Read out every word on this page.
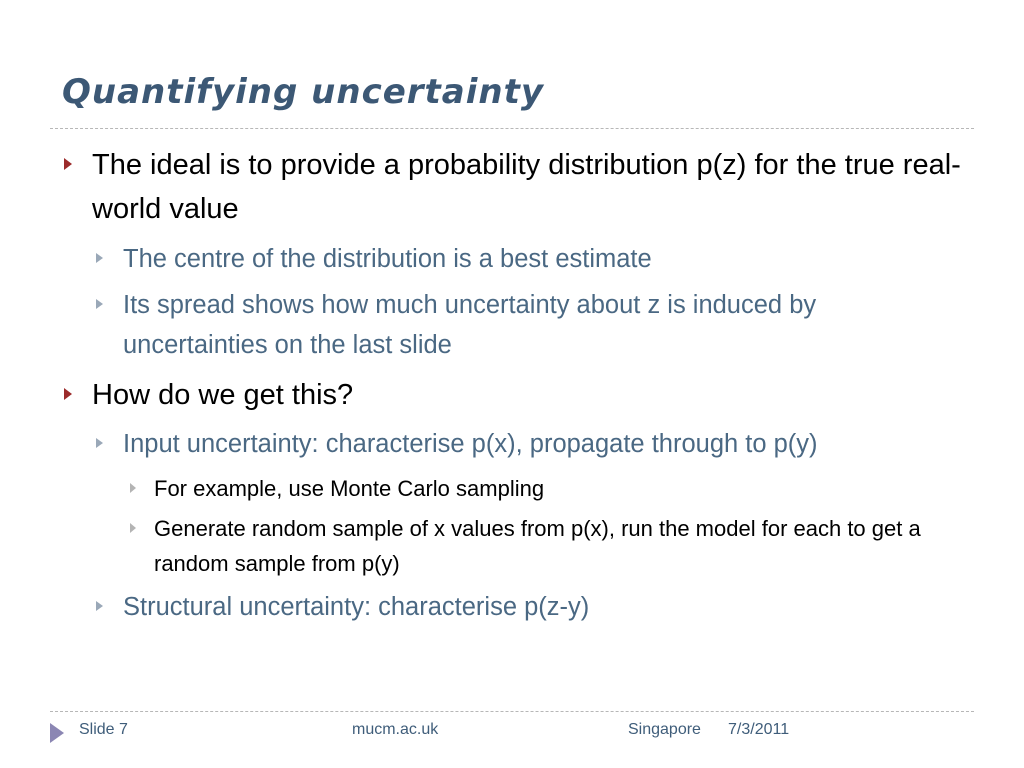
Quantifying uncertainty
The ideal is to provide a probability distribution p(z) for the true real-world value
The centre of the distribution is a best estimate
Its spread shows how much uncertainty about z is induced by uncertainties on the last slide
How do we get this?
Input uncertainty: characterise p(x), propagate through to p(y)
For example, use Monte Carlo sampling
Generate random sample of x values from p(x), run the model for each to get a random sample from p(y)
Structural uncertainty: characterise p(z-y)
Slide 7	mucm.ac.uk	Singapore 7/3/2011
